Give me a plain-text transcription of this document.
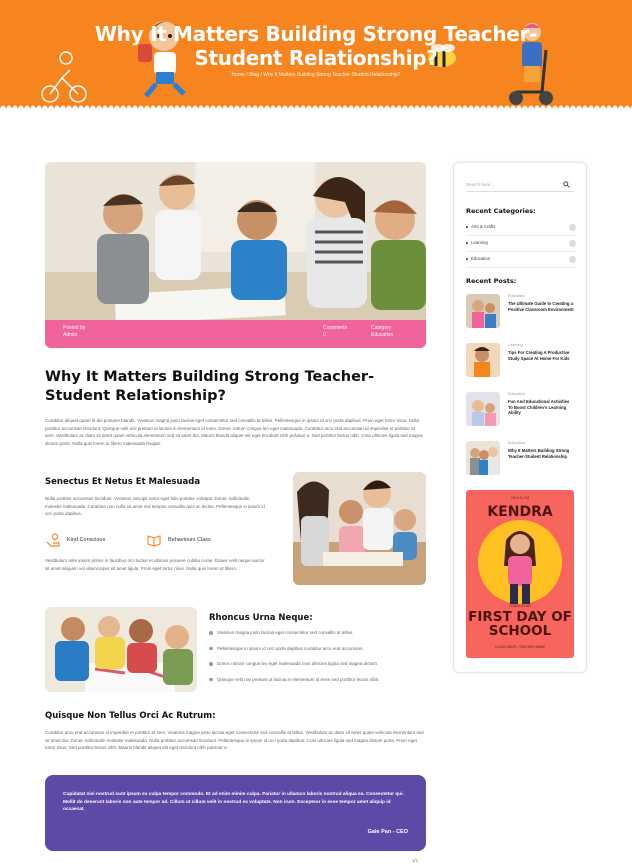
Why It Matters Building Strong Teacher-Student Relationship?
Home / Blog / Why It Matters Building Strong Teacher-Student Relationship?
Posted by
Admin
Comments
0
Category
Education
Why It Matters Building Strong Teacher-Student Relationship?
Curabitur aliquet quam id dui posuere blandit. Vivamus magna justo lacinia eget consectetur sed convallis at tellus. Pellentesque in ipsum id orci porta dapibus. Proin eget tortor risus. Nulla porttitor accumsan tincidunt. Quisque velit nisi pretium ut lacinia in elementum id enim. Donec rutrum congue leo eget malesuada. Curabitur arcu erat accumsan id imperdiet et porttitor at sem. Vestibulum ac diam sit amet quam vehicula elementum sed sit amet dui. Mauris blandit aliquet elit eget tincidunt nibh pulvinar a. Sed porttitor lectus nibh. Cras ultricies ligula sed magna dictum porta. Nulla quis lorem ut libero malesuada feugiat.
Senectus Et Netus Et Malesuada
Nulla porttitor accumsan tincidunt. Vivamus suscipit tortor eget felis porttitor volutpat. Donec sollicitudin molestie malesuada. Curabitur non nulla sit amet nisl tempus convallis quis ac lectus. Pellentesque in ipsum id orci porta dapibus.
Kind Conscious	Behaviours Class
Vestibulum ante ipsum primis in faucibus orci luctus et ultrices posuere cubilia curae. Donec velit neque auctor sit amet aliquam vel ullamcorper sit amet ligula. Proin eget tortor risus. Nulla quis lorem ut libero.
Rhoncus Urna Neque:
Vivamus magna justo lacinia eget consectetur sed convallis at tellus.
Pellentesque in ipsum id orci porta dapibus curabitur arcu erat accumsan.
Donec rutrum congue leo eget malesuada cras ultricies ligula sed magna dictum.
Quisque velit nisi pretium ut lacinia in elementum id enim sed porttitor lectus nibh.
Quisque Non Tellus Orci Ac Rutrum:
Curabitur arcu erat accumsan id imperdiet et porttitor at sem. Vivamus magna justo lacinia eget consectetur sed convallis at tellus. Vestibulum ac diam sit amet quam vehicula elementum sed sit amet dui. Donec sollicitudin molestie malesuada. Nulla porttitor accumsan tincidunt. Pellentesque in ipsum id orci porta dapibus. Cras ultricies ligula sed magna dictum porta. Proin eget tortor risus. Sed porttitor lectus nibh. Mauris blandit aliquet elit eget tincidunt nibh pulvinar a.
Cupidatat nisi nostrud sunt ipsum ex culpa tempor commodo. Et ad enim minim culpa. Pariatur in ullamco laboris nostrud aliqua ea. Consectetur qui. Mollit do deserunt laboris non aute tempor ad. Cillum ut cillum velit in nostrud ex voluptate. Non irure. Excepteur in esse tempor amet aliquip id occaecat.
Gale Pan - CEO
1/1
Search here...
Recent Categories:
Arts & Crafts
Learning
Education
Recent Posts:
Education
The Ultimate Guide to Creating a Positive Classroom Environment
Learning
Tips For Creating A Productive Study Space At Home For Kids
Education
Fun And Educational Activities To Boost Children's Learning Ability
Education
Why It Matters Building Strong Teacher-Student Relationship
HELLO, I'M
KENDRA
TODAY IS MY
FIRST DAY OF SCHOOL
CLASS NAME • TEACHER NAME
